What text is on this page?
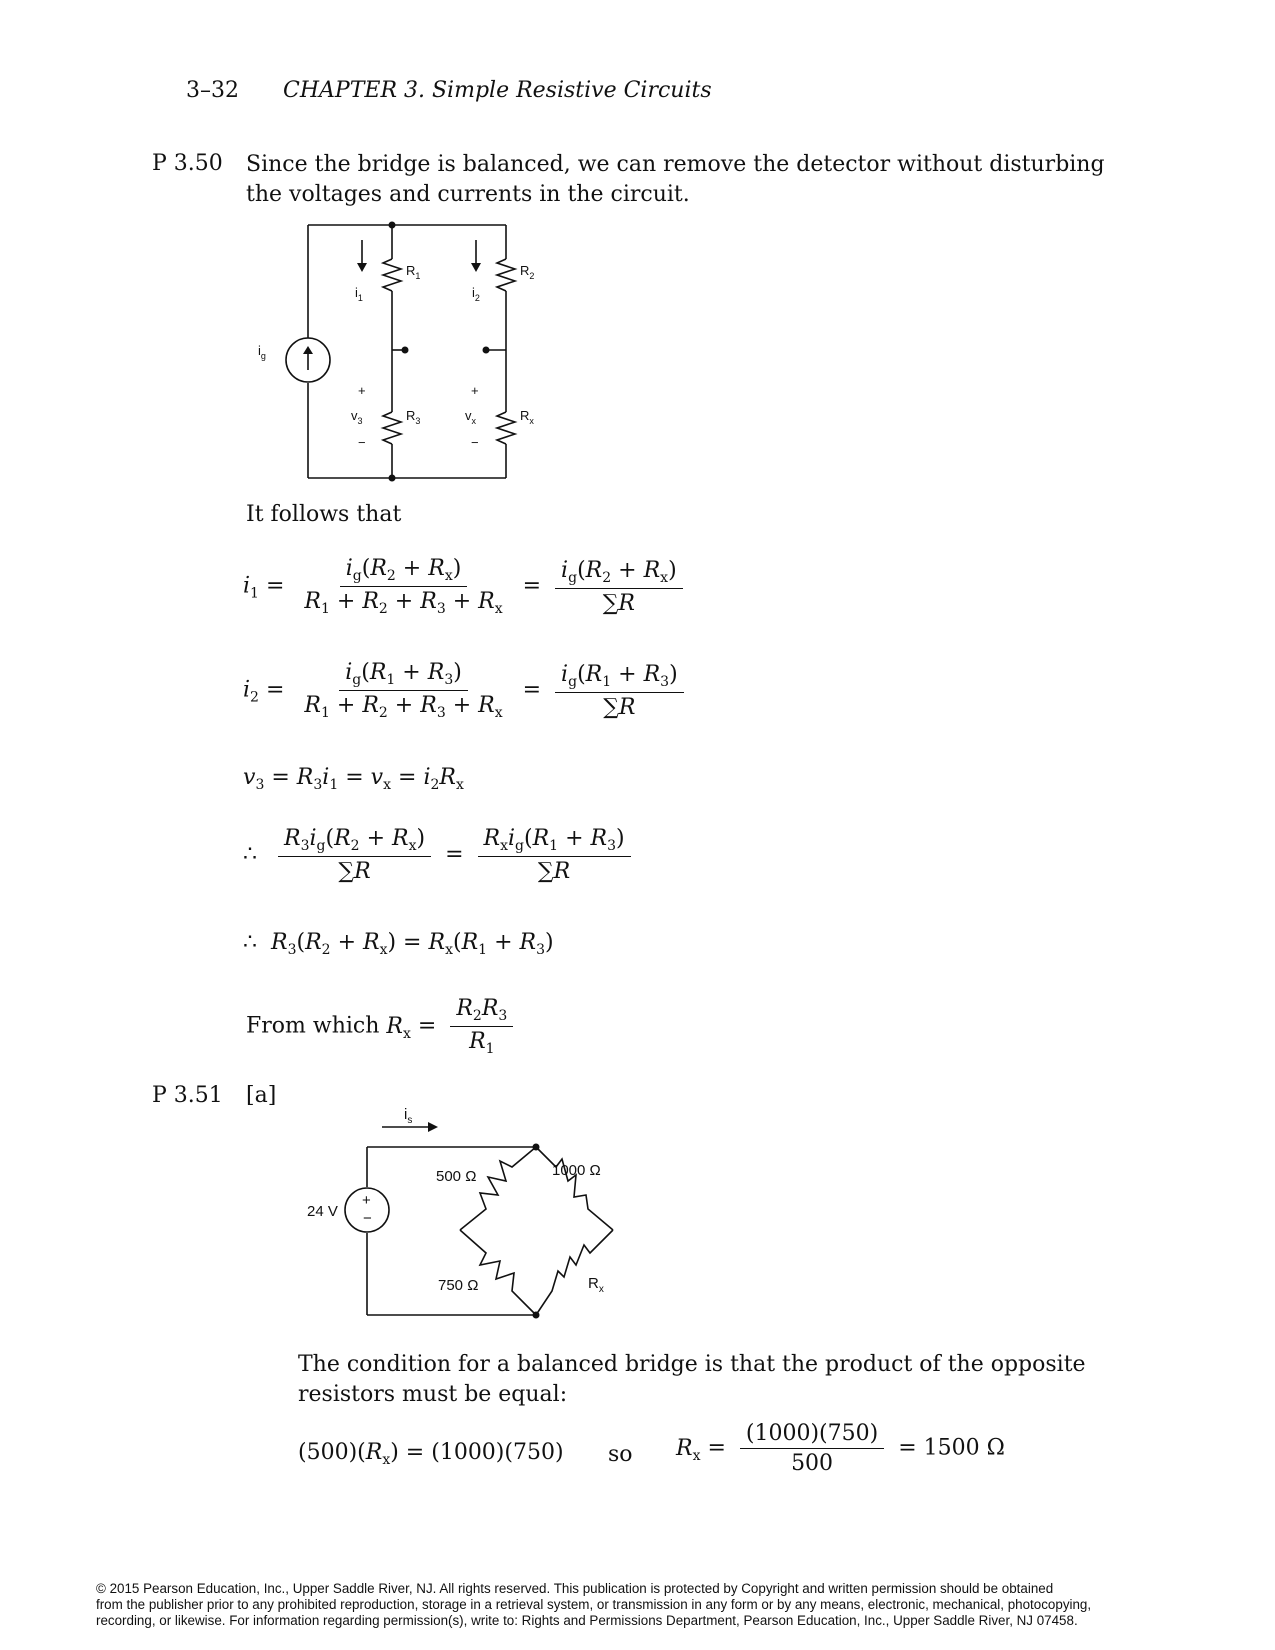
3–32 CHAPTER 3. Simple Resistive Circuits
P 3.50 Since the bridge is balanced, we can remove the detector without disturbing
the voltages and currents in the circuit.
$i_g$
$i_1$	$i_2$
$R_1$	$R_2$
$R_3$	$R_x$
$v_3$	$v_x$
+	+
−	−
It follows that
$i_1 = \frac{i_g(R_2 + R_x)}{R_1 + R_2 + R_3 + R_x} = \frac{i_g(R_2 + R_x)}{\sum R}$
$i_2 = \frac{i_g(R_1 + R_3)}{R_1 + R_2 + R_3 + R_x} = \frac{i_g(R_1 + R_3)}{\sum R}$
$v_3 = R_3i_1 = v_x = i_2R_x$
∴ $\frac{R_3i_g(R_2 + R_x)}{\sum R} = \frac{R_xi_g(R_1 + R_3)}{\sum R}$
∴  $R_3(R_2 + R_x) = R_x(R_1 + R_3)$
From which $R_x = \frac{R_2R_3}{R_1}$
P 3.51 [a]
$i_s$
+
−
24 V
500 Ω	1000 Ω
750 Ω	$R_x$
The condition for a balanced bridge is that the product of the opposite
resistors must be equal:
$(500)(R_x) = (1000)(750)$ so $R_x = \frac{(1000)(750)}{500} = 1500$ Ω
© 2015 Pearson Education, Inc., Upper Saddle River, NJ. All rights reserved. This publication is protected by Copyright and written permission should be obtained
from the publisher prior to any prohibited reproduction, storage in a retrieval system, or transmission in any form or by any means, electronic, mechanical, photocopying,
recording, or likewise. For information regarding permission(s), write to: Rights and Permissions Department, Pearson Education, Inc., Upper Saddle River, NJ 07458.
